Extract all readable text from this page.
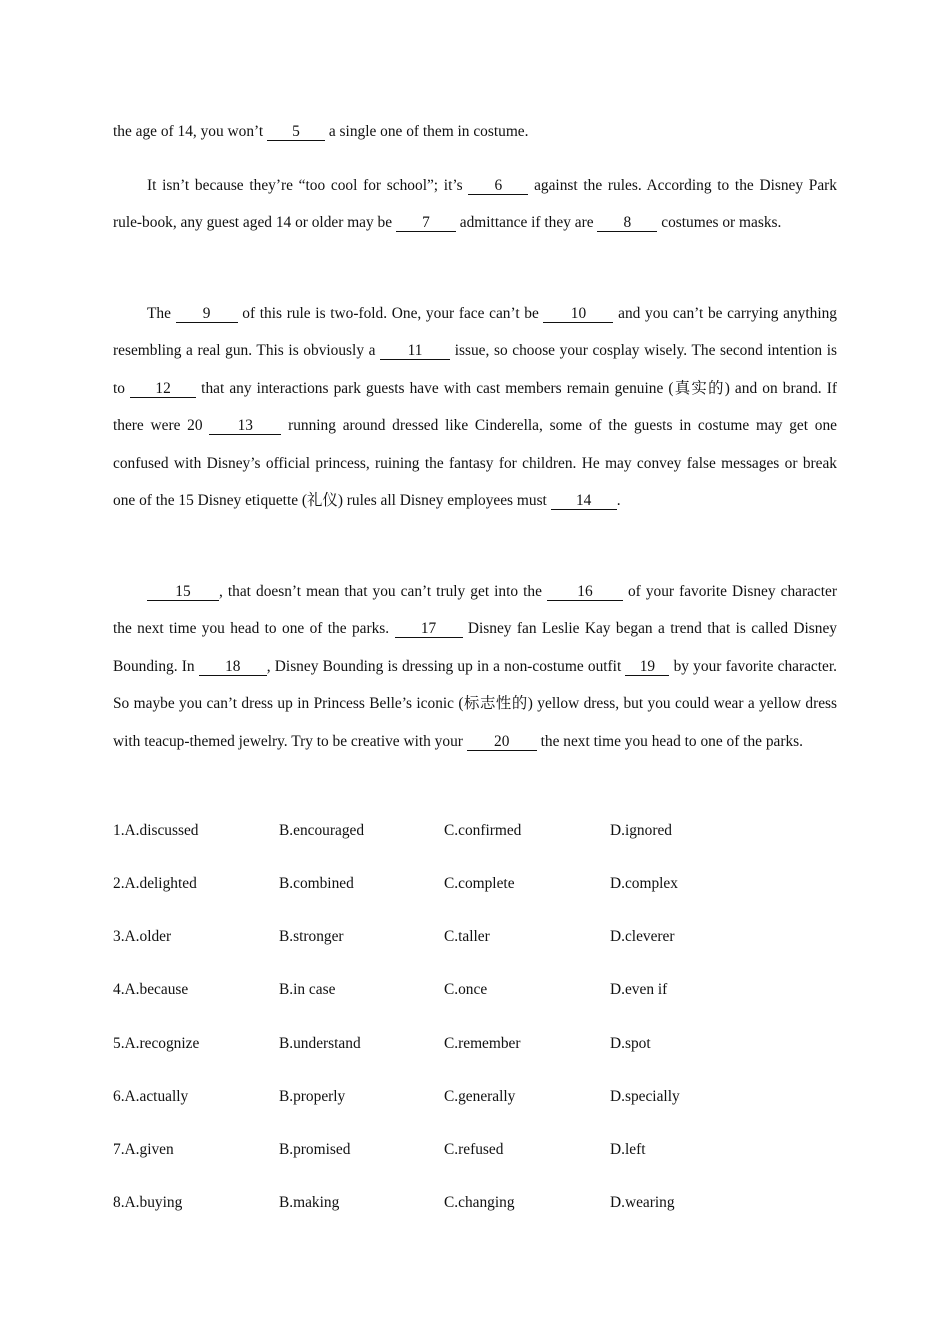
the age of 14, you won’t 5 a single one of them in costume.

It isn’t because they’re “too cool for school”; it’s 6 against the rules. According to the Disney Park rule-book, any guest aged 14 or older may be 7 admittance if they are 8 costumes or masks.

The 9 of this rule is two-fold. One, your face can’t be 10 and you can’t be carrying anything resembling a real gun. This is obviously a 11 issue, so choose your cosplay wisely. The second intention is to 12 that any interactions park guests have with cast members remain genuine (真实的) and on brand. If there were 20 13 running around dressed like Cinderella, some of the guests in costume may get one confused with Disney’s official princess, ruining the fantasy for children. He may convey false messages or break one of the 15 Disney etiquette (礼仪) rules all Disney employees must 14 .

15 , that doesn’t mean that you can’t truly get into the 16 of your favorite Disney character the next time you head to one of the parks. 17 Disney fan Leslie Kay began a trend that is called Disney Bounding. In 18 , Disney Bounding is dressing up in a non-costume outfit 19 by your favorite character. So maybe you can’t dress up in Princess Belle’s iconic (标志性的) yellow dress, but you could wear a yellow dress with teacup-themed jewelry. Try to be creative with your 20 the next time you head to one of the parks.

1.A.discussed	B.encouraged	C.confirmed	D.ignored
2.A.delighted	B.combined	C.complete	D.complex
3.A.older	B.stronger	C.taller	D.cleverer
4.A.because	B.in case	C.once	D.even if
5.A.recognize	B.understand	C.remember	D.spot
6.A.actually	B.properly	C.generally	D.specially
7.A.given	B.promised	C.refused	D.left
8.A.buying	B.making	C.changing	D.wearing
